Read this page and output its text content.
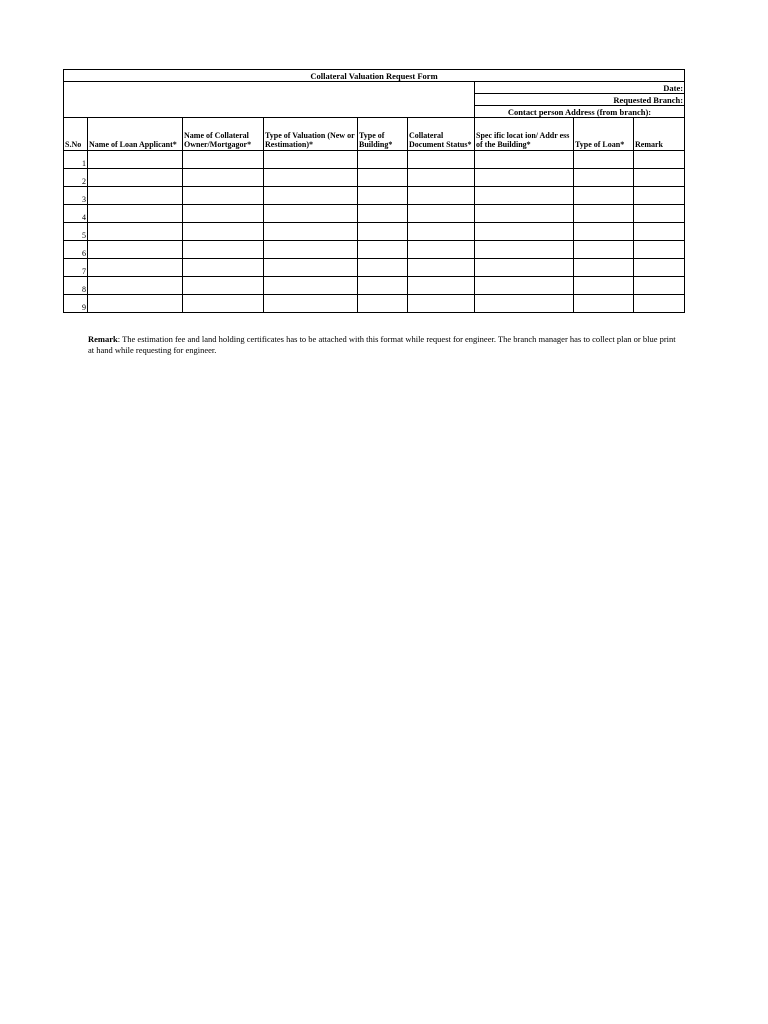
Collateral Valuation Request Form								
						Date:		
						Requested Branch:		
						Contact person Address (from branch):		
S.No	Name of Loan Applicant*	Name of Collateral Owner/Mortgagor*	Type of Valuation (New or Restimation)*	Type of Building*	Collateral Document Status*	Spec ific locat ion/ Addr ess of the Building*	Type of Loan*	Remark
1								
2								
3								
4								
5								
6								
7								
8								
9								
Remark: The estimation fee and land holding certificates has to be attached with this format while request for engineer. The branch manager has to collect plan or blue print at hand while requesting for engineer.
